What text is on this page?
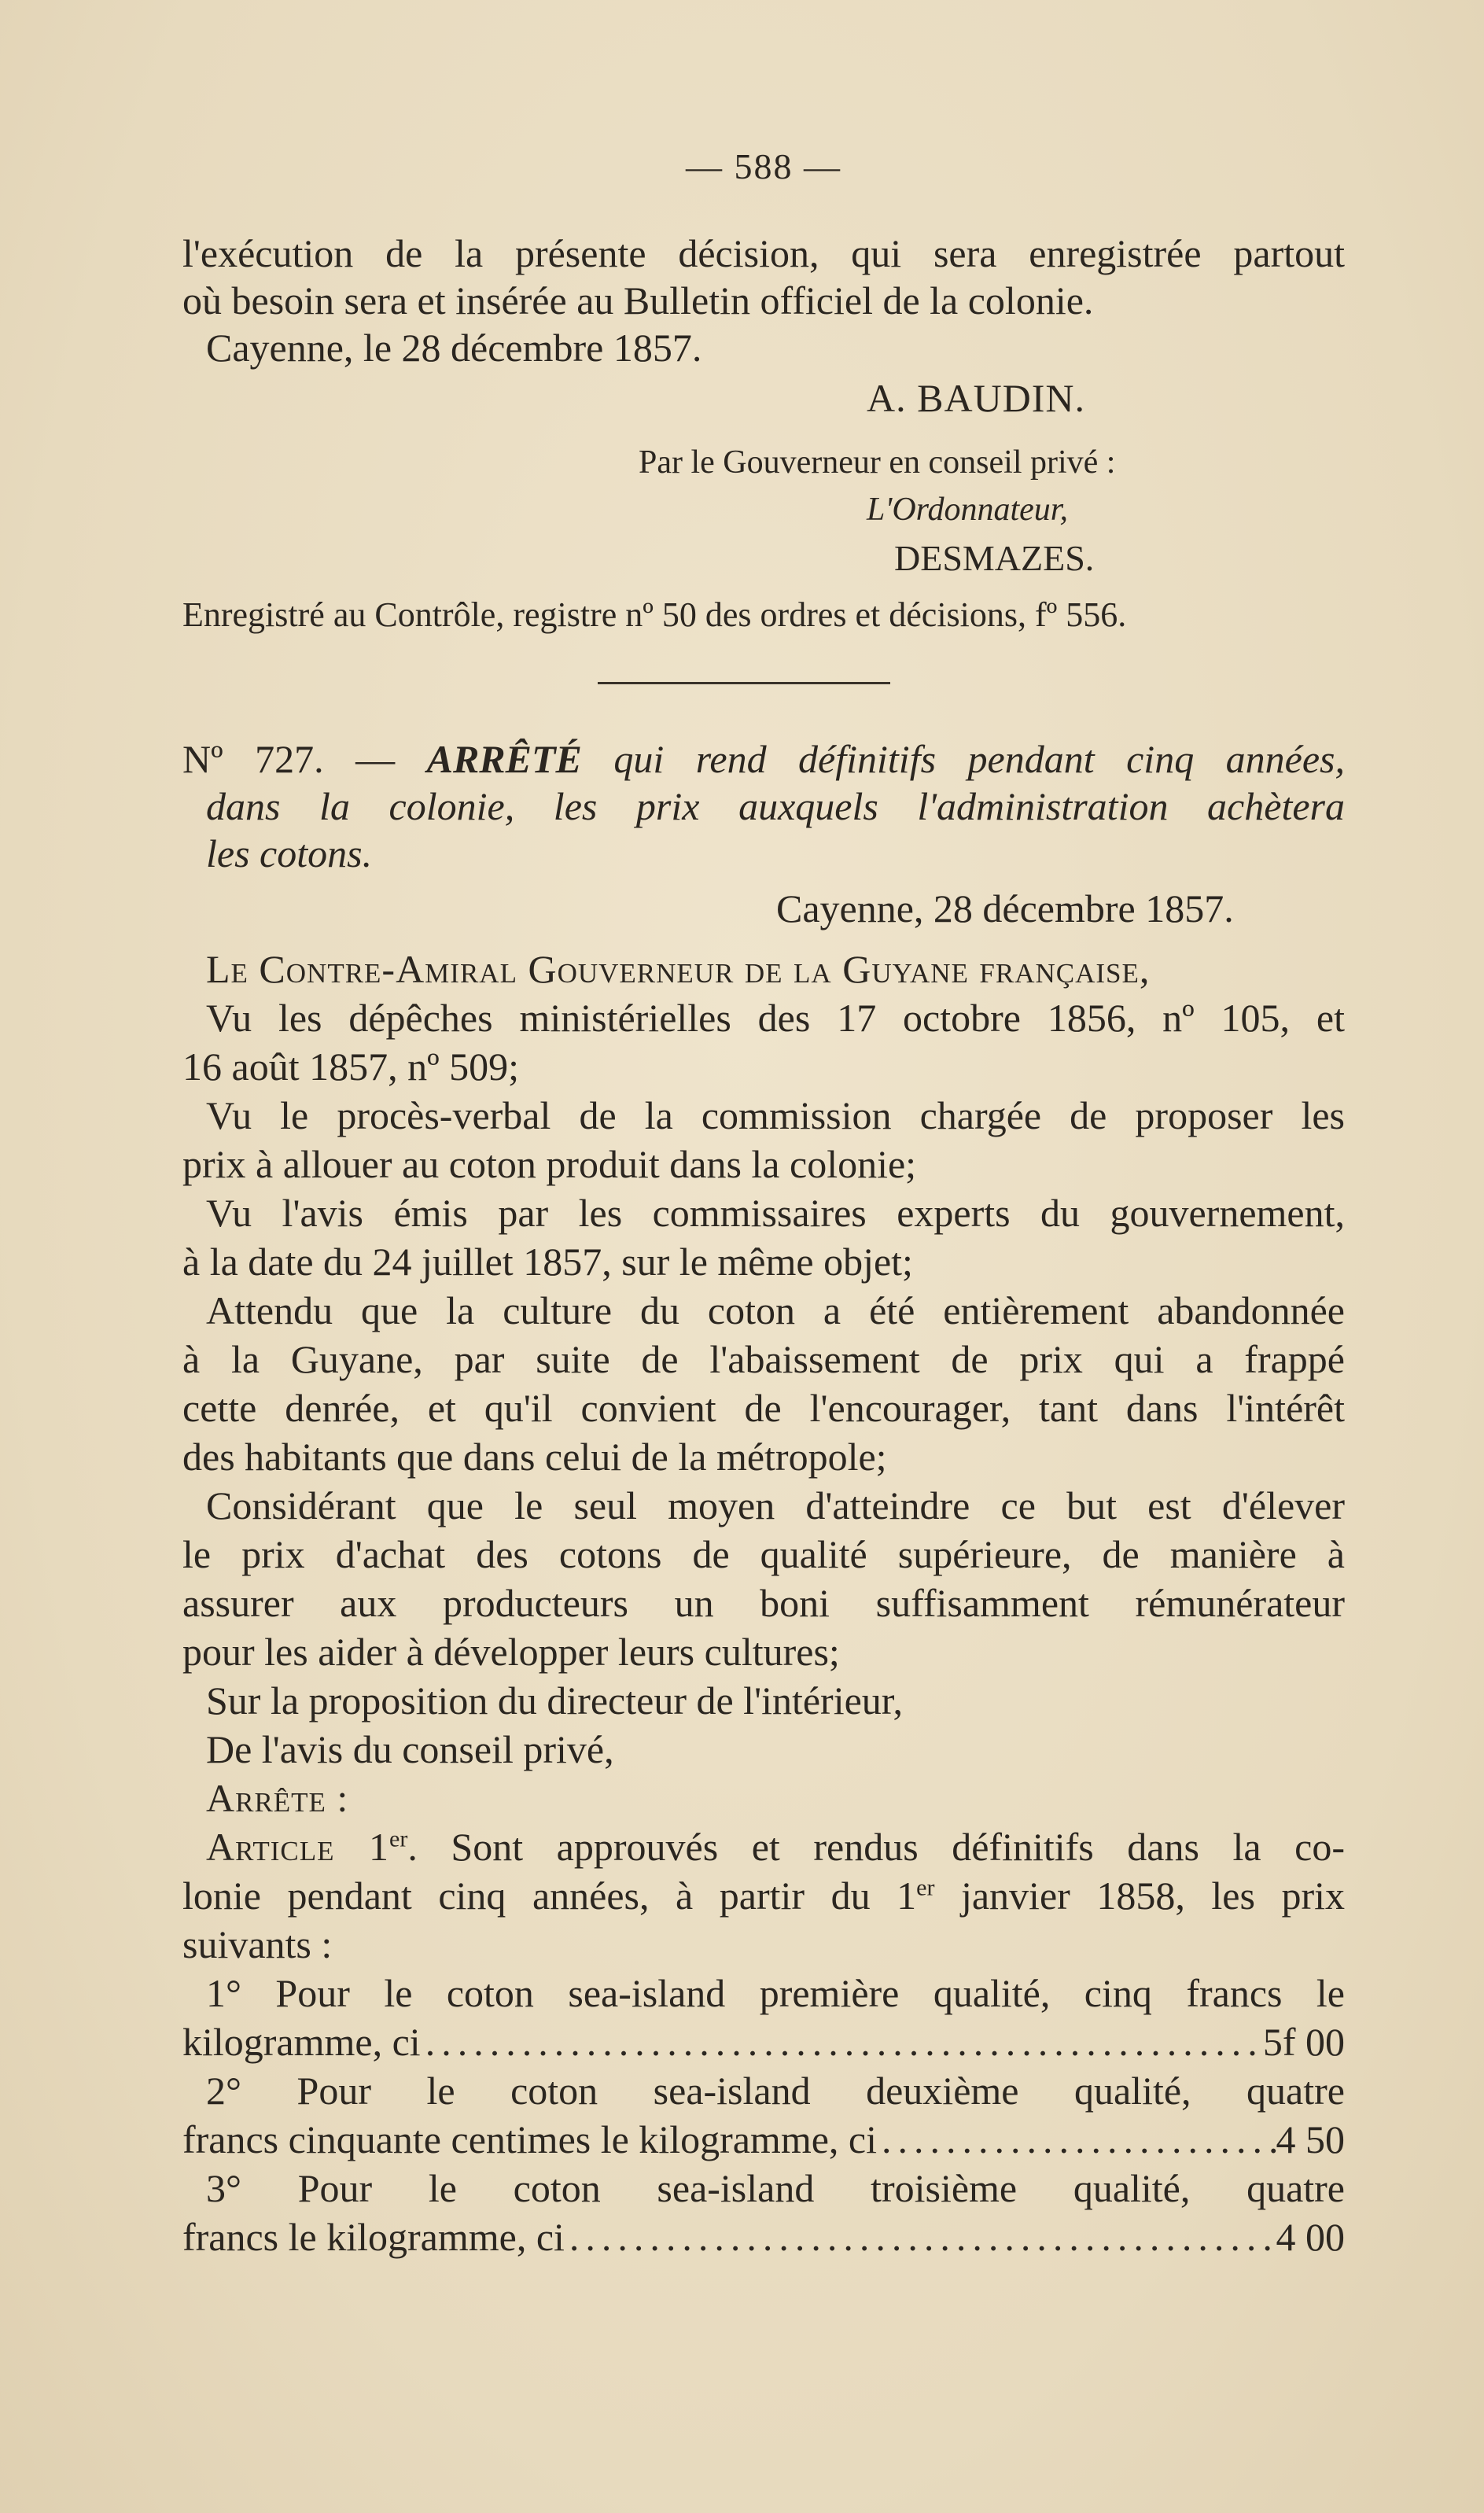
— 588 —
l'exécution de la présente décision, qui sera enregistrée partout
où besoin sera et insérée au Bulletin officiel de la colonie.
Cayenne, le 28 décembre 1857.
A. BAUDIN.
Par le Gouverneur en conseil privé :
L'Ordonnateur,
DESMAZES.
Enregistré au Contrôle, registre nº 50 des ordres et décisions, fº 556.
Nº 727. — ARRÊTÉ qui rend définitifs pendant cinq années,
dans la colonie, les prix auxquels l'administration achètera
les cotons.
Cayenne, 28 décembre 1857.
Le Contre-Amiral Gouverneur de la Guyane française,
Vu les dépêches ministérielles des 17 octobre 1856, nº 105, et
16 août 1857, nº 509;
Vu le procès-verbal de la commission chargée de proposer les
prix à allouer au coton produit dans la colonie;
Vu l'avis émis par les commissaires experts du gouvernement,
à la date du 24 juillet 1857, sur le même objet;
Attendu que la culture du coton a été entièrement abandonnée
à la Guyane, par suite de l'abaissement de prix qui a frappé
cette denrée, et qu'il convient de l'encourager, tant dans l'intérêt
des habitants que dans celui de la métropole;
Considérant que le seul moyen d'atteindre ce but est d'élever
le prix d'achat des cotons de qualité supérieure, de manière à
assurer aux producteurs un boni suffisamment rémunérateur
pour les aider à développer leurs cultures;
Sur la proposition du directeur de l'intérieur,
De l'avis du conseil privé,
Arrête :
Article 1er. Sont approuvés et rendus définitifs dans la co-
lonie pendant cinq années, à partir du 1er janvier 1858, les prix
suivants :
1° Pour le coton sea-island première qualité, cinq francs le
kilogramme, ci .....	5f 00
2° Pour le coton sea-island deuxième qualité, quatre
francs cinquante centimes le kilogramme, ci .....	4 50
3° Pour le coton sea-island troisième qualité, quatre
francs le kilogramme, ci .....	4 00
